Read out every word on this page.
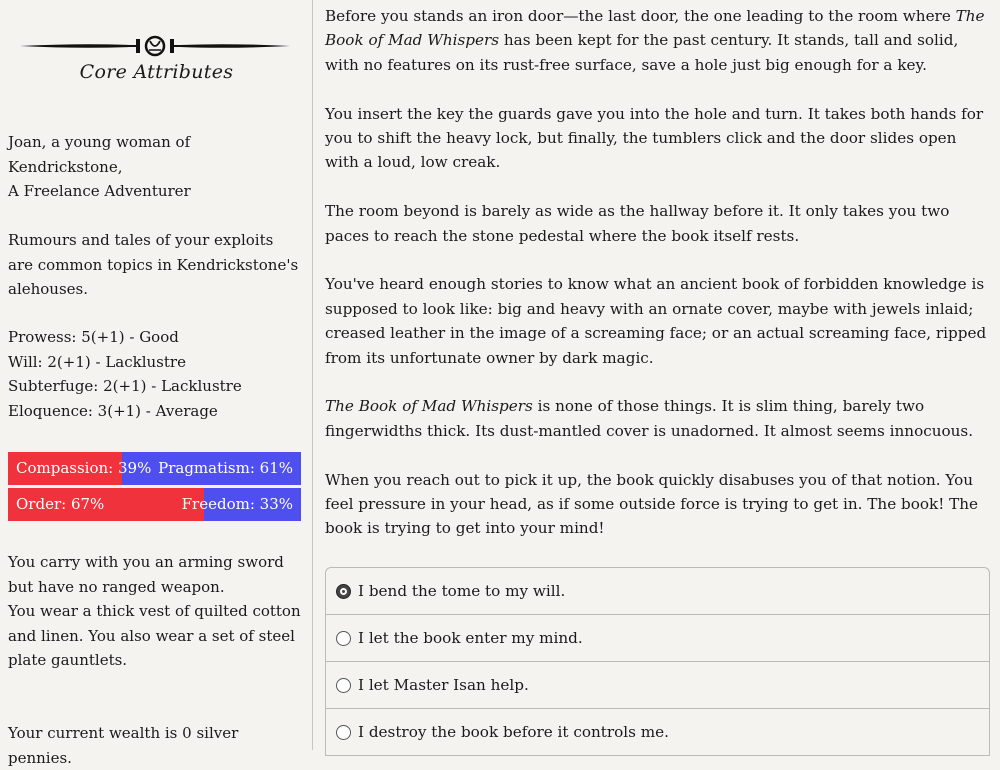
Core Attributes
Joan, a young woman of Kendrickstone,
A Freelance Adventurer
Rumours and tales of your exploits are common topics in Kendrickstone's alehouses.

Prowess: 5(+1) - Good

Will: 2(+1) - Lacklustre

Subterfuge: 2(+1) - Lacklustre

Eloquence: 3(+1) - Average

Compassion: 39% Pragmatism: 61%
Order: 67%	Freedom: 33%
You carry with you an arming sword but have no ranged weapon.
You wear a thick vest of quilted cotton and linen. You also wear a set of steel plate gauntlets.
Your current wealth is 0 silver pennies.

Before you stands an iron door—the last door, the one leading to the room where The Book of Mad Whispers has been kept for the past century. It stands, tall and solid, with no features on its rust-free surface, save a hole just big enough for a key.

You insert the key the guards gave you into the hole and turn. It takes both hands for you to shift the heavy lock, but finally, the tumblers click and the door slides open with a loud, low creak.

The room beyond is barely as wide as the hallway before it. It only takes you two paces to reach the stone pedestal where the book itself rests.

You've heard enough stories to know what an ancient book of forbidden knowledge is supposed to look like: big and heavy with an ornate cover, maybe with jewels inlaid; creased leather in the image of a screaming face; or an actual screaming face, ripped from its unfortunate owner by dark magic.

The Book of Mad Whispers is none of those things. It is slim thing, barely two fingerwidths thick. Its dust-mantled cover is unadorned. It almost seems innocuous.

When you reach out to pick it up, the book quickly disabuses you of that notion. You feel pressure in your head, as if some outside force is trying to get in. The book! The book is trying to get into your mind!

I bend the tome to my will.
I let the book enter my mind.
I let Master Isan help.
I destroy the book before it controls me.
